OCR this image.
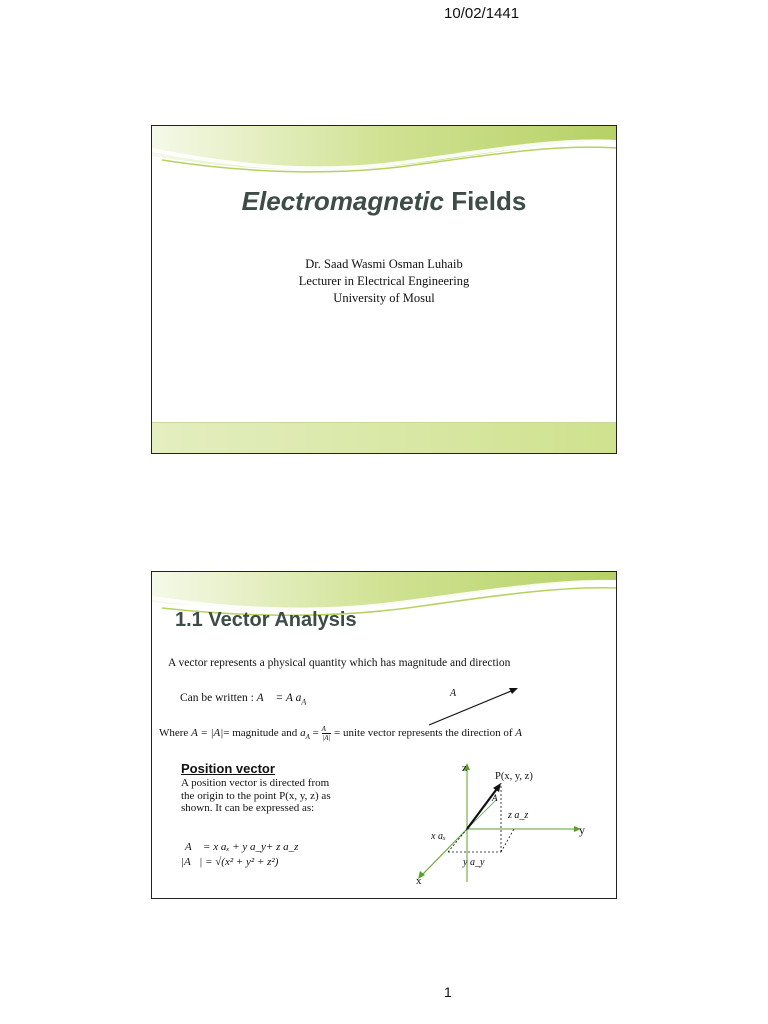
10/02/1441
Electromagnetic Fields
Dr. Saad Wasmi Osman Luhaib
Lecturer in Electrical Engineering
University of Mosul
1.1 Vector Analysis
A vector represents a physical quantity which has magnitude and direction
Can be written : A⃗ = A $a_A$
A⃗
Where A = |A|= magnitude and $a_A = \frac{A⃗}{|A|}$ = unite vector represents the direction of A⃗
Position vector
A position vector is directed from the origin to the point P(x, y, z) as shown. It can be expressed as:
A⃗ = x aₓ + y a_y+ z a_z
|A⃗| = √(x² + y² + z²)
z
y
x
P(x, y, z)
A⃗
z a_z
x aₓ
y a_y
1
